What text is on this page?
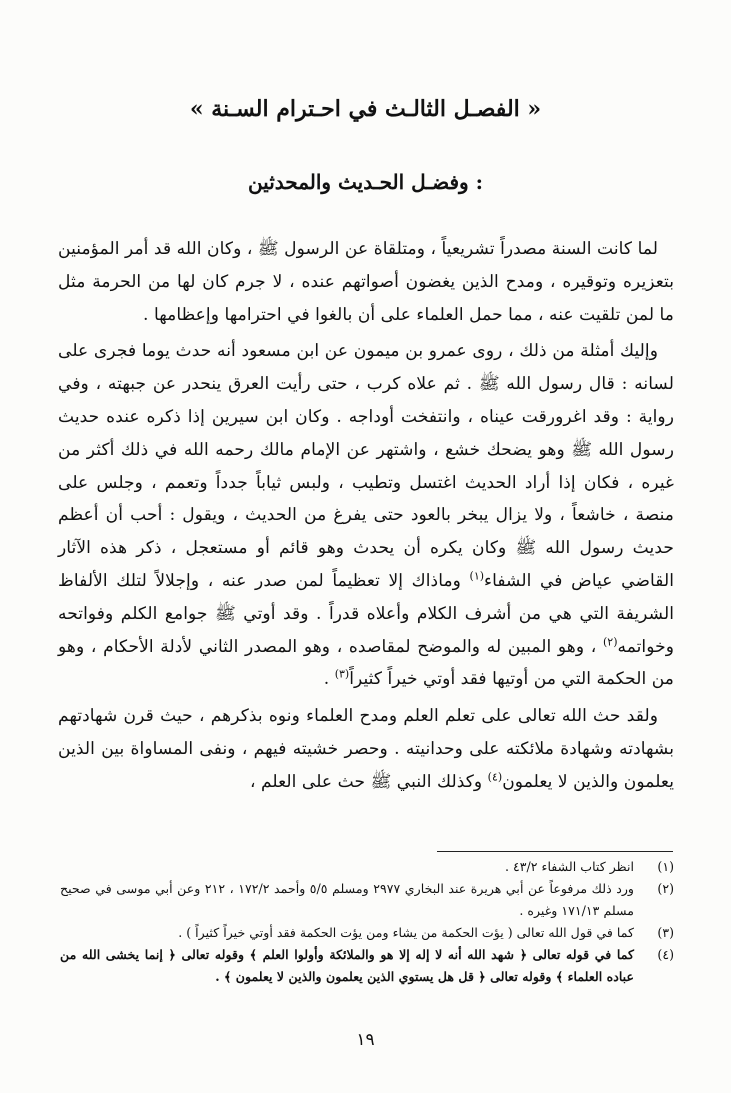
« الفصـل الثالـث في احـترام السـنة »
: وفضـل الحـديث والمحدثين

لما كانت السنة مصدراً تشريعياً ، ومتلقاة عن الرسول ﷺ ، وكان الله قد أمر المؤمنين بتعزيره وتوقيره ، ومدح الذين يغضون أصواتهم عنده ، لا جرم كان لها من الحرمة مثل ما لمن تلقيت عنه ، مما حمل العلماء على أن بالغوا في احترامها وإعظامها .

وإليك أمثلة من ذلك ، روى عمرو بن ميمون عن ابن مسعود أنه حدث يوما فجرى على لسانه : قال رسول الله ﷺ . ثم علاه كرب ، حتى رأيت العرق ينحدر عن جبهته ، وفي رواية : وقد اغرورقت عيناه ، وانتفخت أوداجه . وكان ابن سيرين إذا ذكره عنده حديث رسول الله ﷺ وهو يضحك خشع ، واشتهر عن الإمام مالك رحمه الله في ذلك أكثر من غيره ، فكان إذا أراد الحديث اغتسل وتطيب ، ولبس ثياباً جدداً وتعمم ، وجلس على منصة ، خاشعاً ، ولا يزال يبخر بالعود حتى يفرغ من الحديث ، ويقول : أحب أن أعظم حديث رسول الله ﷺ وكان يكره أن يحدث وهو قائم أو مستعجل ، ذكر هذه الآثار القاضي عياض في الشفاء$^{(١)}$ وماذاك إلا تعظيماً لمن صدر عنه ، وإجلالاً لتلك الألفاظ الشريفة التي هي من أشرف الكلام وأعلاه قدراً . وقد أوتي ﷺ جوامع الكلم وفواتحه وخواتمه$^{(٢)}$ ، وهو المبين له والموضح لمقاصده ، وهو المصدر الثاني لأدلة الأحكام ، وهو من الحكمة التي من أوتيها فقد أوتي خيراً كثيراً$^{(٣)}$ .

ولقد حث الله تعالى على تعلم العلم ومدح العلماء ونوه بذكرهم ، حيث قرن شهادتهم بشهادته وشهادة ملائكته على وحدانيته . وحصر خشيته فيهم ، ونفى المساواة بين الذين يعلمون والذين لا يعلمون$^{(٤)}$ وكذلك النبي ﷺ حث على العلم ،

(١)
انظر كتاب الشفاء ٤٣/٢ .
(٢)
ورد ذلك مرفوعاً عن أبي هريرة عند البخاري ٢٩٧٧ ومسلم ٥/٥ وأحمد ١٧٢/٢ ، ٢١٢ وعن أبي موسى في صحيح مسلم ١٧١/١٣ وغيره .
(٣)
كما في قول الله تعالى ( يؤت الحكمة من يشاء ومن يؤت الحكمة فقد أوتي خيراً كثيراً ) .
(٤)
كما في قوله تعالى ﴿ شهد الله أنه لا إله إلا هو والملائكة وأولوا العلم ﴾ وقوله تعالى ﴿ إنما يخشى الله من عباده العلماء ﴾ وقوله تعالى ﴿ قل هل يستوي الذين يعلمون والذين لا يعلمون ﴾ .
١٩
